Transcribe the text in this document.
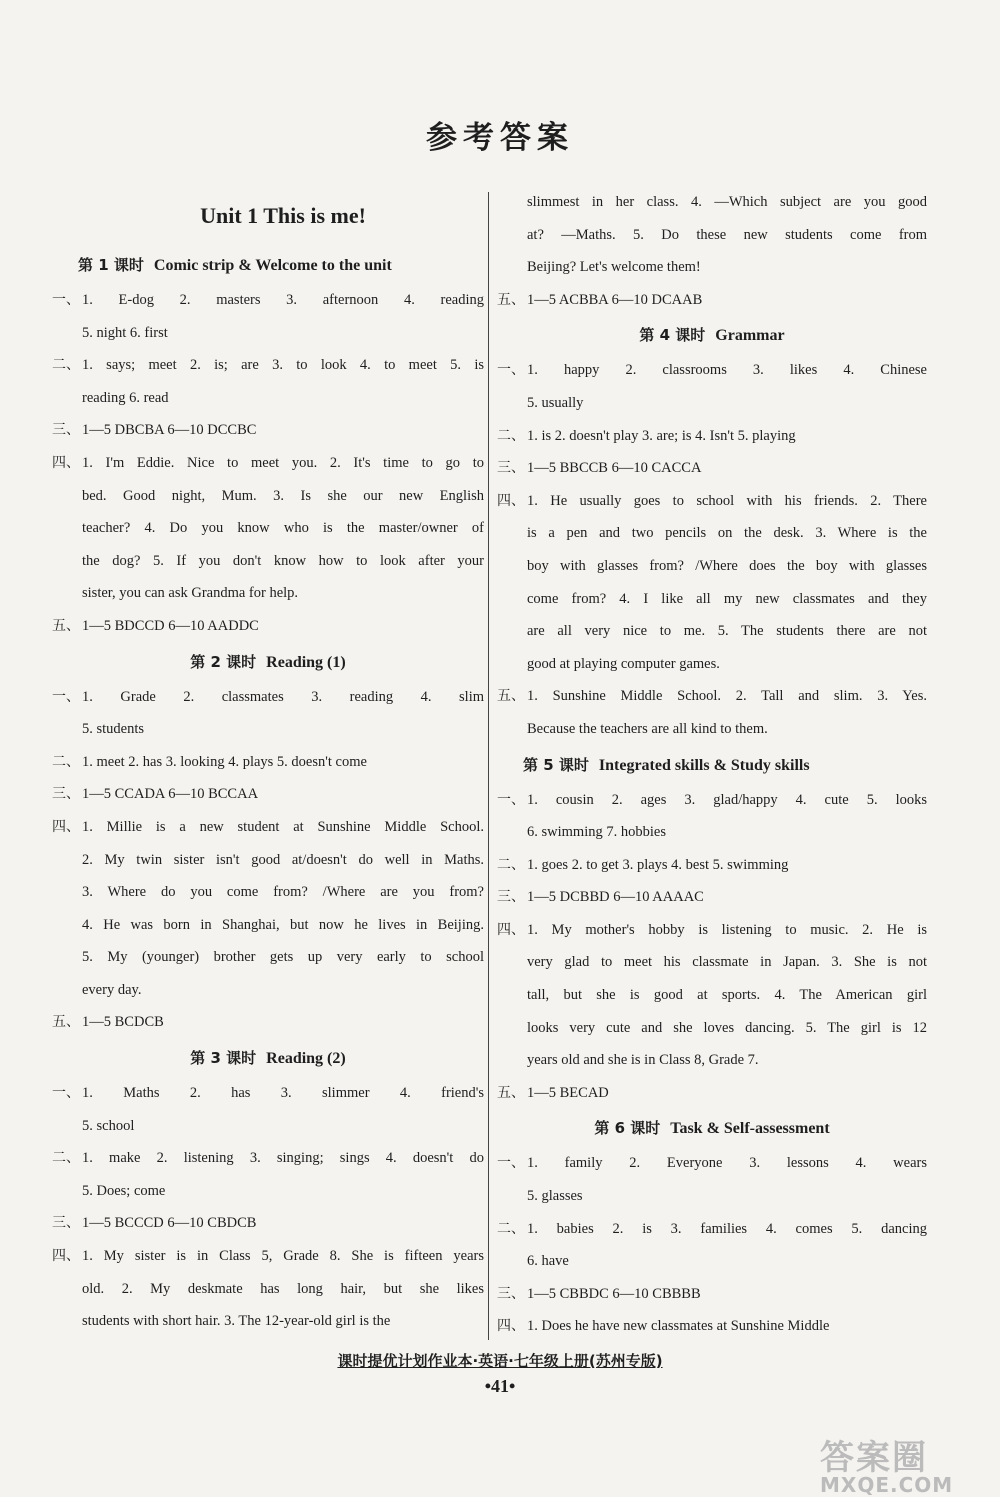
参考答案
Unit 1 This is me!
第 1 课时 Comic strip & Welcome to the unit
一、 1. E-dog 2. masters 3. afternoon 4. reading
5. night 6. first
二、 1. says; meet 2. is; are 3. to look 4. to meet 5. is
reading 6. read
三、 1—5 DBCBA 6—10 DCCBC
四、 1. I'm Eddie. Nice to meet you. 2. It's time to go to
bed. Good night, Mum. 3. Is she our new English
teacher? 4. Do you know who is the master/owner of
the dog? 5. If you don't know how to look after your
sister, you can ask Grandma for help.
五、 1—5 BDCCD 6—10 AADDC
第 2 课时 Reading (1)
一、 1. Grade 2. classmates 3. reading 4. slim
5. students
二、 1. meet 2. has 3. looking 4. plays 5. doesn't come
三、 1—5 CCADA 6—10 BCCAA
四、 1. Millie is a new student at Sunshine Middle School.
2. My twin sister isn't good at/doesn't do well in Maths.
3. Where do you come from? /Where are you from?
4. He was born in Shanghai, but now he lives in Beijing.
5. My (younger) brother gets up very early to school
every day.
五、 1—5 BCDCB
第 3 课时 Reading (2)
一、 1. Maths 2. has 3. slimmer 4. friend's
5. school
二、 1. make 2. listening 3. singing; sings 4. doesn't do
5. Does; come
三、 1—5 BCCCD 6—10 CBDCB
四、 1. My sister is in Class 5, Grade 8. She is fifteen years
old. 2. My deskmate has long hair, but she likes
students with short hair. 3. The 12-year-old girl is the
slimmest in her class. 4. —Which subject are you good
at? —Maths. 5. Do these new students come from
Beijing? Let's welcome them!
五、 1—5 ACBBA 6—10 DCAAB
第 4 课时 Grammar
一、 1. happy 2. classrooms 3. likes 4. Chinese
5. usually
二、 1. is 2. doesn't play 3. are; is 4. Isn't 5. playing
三、 1—5 BBCCB 6—10 CACCA
四、 1. He usually goes to school with his friends. 2. There
is a pen and two pencils on the desk. 3. Where is the
boy with glasses from? /Where does the boy with glasses
come from? 4. I like all my new classmates and they
are all very nice to me. 5. The students there are not
good at playing computer games.
五、 1. Sunshine Middle School. 2. Tall and slim. 3. Yes.
Because the teachers are all kind to them.
第 5 课时 Integrated skills & Study skills
一、 1. cousin 2. ages 3. glad/happy 4. cute 5. looks
6. swimming 7. hobbies
二、 1. goes 2. to get 3. plays 4. best 5. swimming
三、 1—5 DCBBD 6—10 AAAAC
四、 1. My mother's hobby is listening to music. 2. He is
very glad to meet his classmate in Japan. 3. She is not
tall, but she is good at sports. 4. The American girl
looks very cute and she loves dancing. 5. The girl is 12
years old and she is in Class 8, Grade 7.
五、 1—5 BECAD
第 6 课时 Task & Self-assessment
一、 1. family 2. Everyone 3. lessons 4. wears
5. glasses
二、 1. babies 2. is 3. families 4. comes 5. dancing
6. have
三、 1—5 CBBDC 6—10 CBBBB
四、 1. Does he have new classmates at Sunshine Middle
课时提优计划作业本·英语·七年级上册(苏州专版)
•41•
答案圈
MXQE.COM
